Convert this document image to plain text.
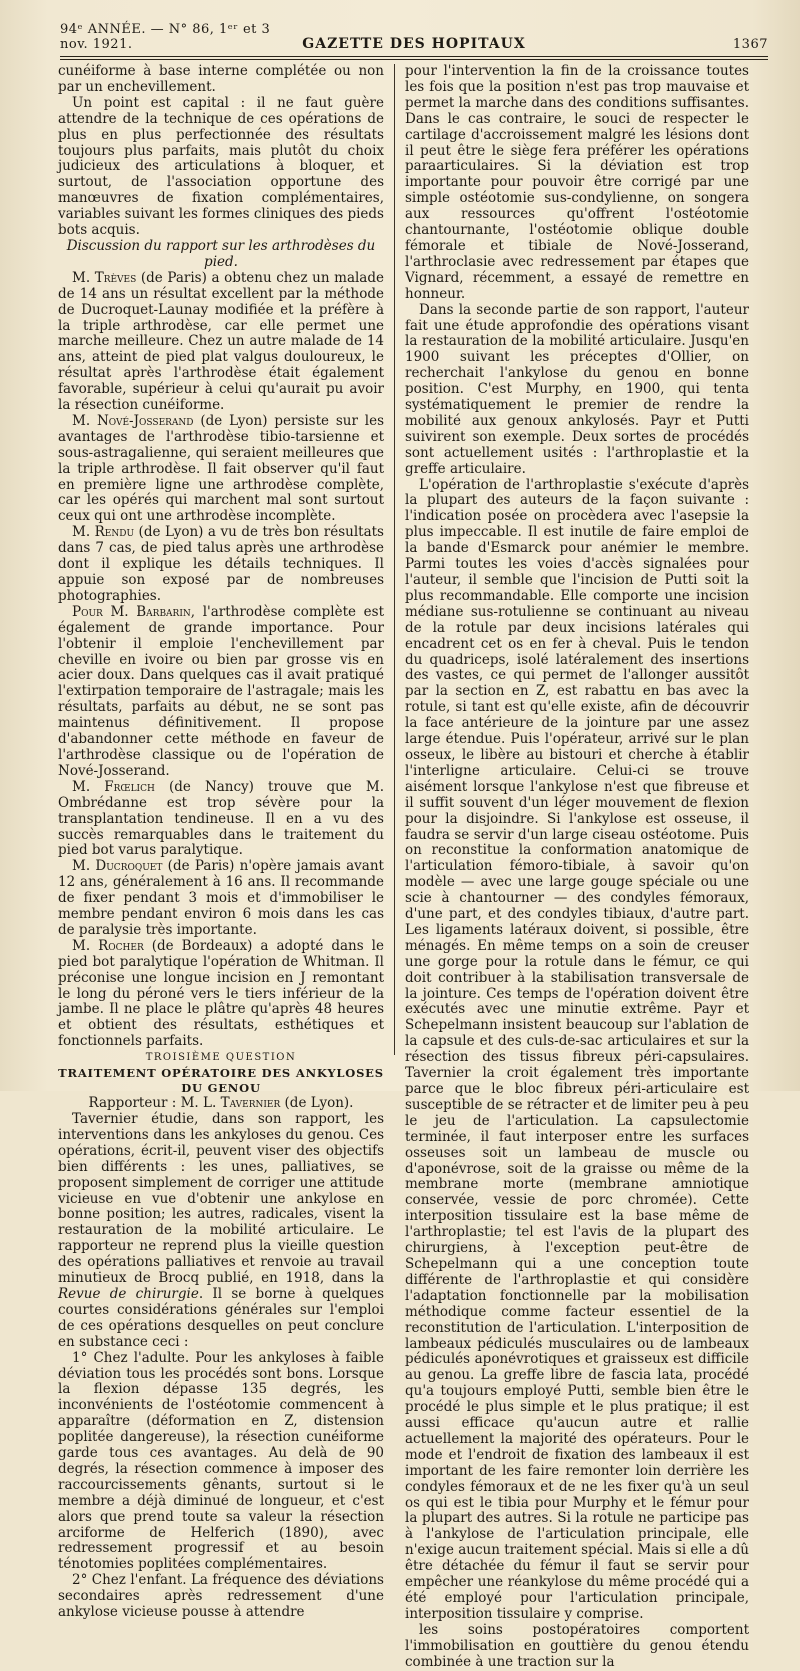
94ᵉ ANNÉE. — N° 86, 1ᵉʳ et 3 nov. 1921.	GAZETTE DES HOPITAUX	1367

cunéiforme à base interne complétée ou non par un enchevillement.

Un point est capital : il ne faut guère attendre de la technique de ces opérations de plus en plus perfectionnée des résultats toujours plus parfaits, mais plutôt du choix judicieux des articulations à bloquer, et surtout, de l'association opportune des manœuvres de fixation complémentaires, variables suivant les formes cliniques des pieds bots acquis.

Discussion du rapport sur les arthrodèses du pied.

M. Trèves (de Paris) a obtenu chez un malade de 14 ans un résultat excellent par la méthode de Ducroquet-Launay modifiée et la préfère à la triple arthrodèse, car elle permet une marche meilleure. Chez un autre malade de 14 ans, atteint de pied plat valgus douloureux, le résultat après l'arthrodèse était également favorable, supérieur à celui qu'aurait pu avoir la résection cunéiforme.

M. Nové-Josserand (de Lyon) persiste sur les avantages de l'arthrodèse tibio-tarsienne et sous-astragalienne, qui seraient meilleures que la triple arthrodèse. Il fait observer qu'il faut en première ligne une arthrodèse complète, car les opérés qui marchent mal sont surtout ceux qui ont une arthrodèse incomplète.

M. Rendu (de Lyon) a vu de très bon résultats dans 7 cas, de pied talus après une arthrodèse dont il explique les détails techniques. Il appuie son exposé par de nombreuses photographies.

Pour M. Barbarin, l'arthrodèse complète est également de grande importance. Pour l'obtenir il emploie l'enchevillement par cheville en ivoire ou bien par grosse vis en acier doux. Dans quelques cas il avait pratiqué l'extirpation temporaire de l'astragale; mais les résultats, parfaits au début, ne se sont pas maintenus définitivement. Il propose d'abandonner cette méthode en faveur de l'arthrodèse classique ou de l'opération de Nové-Josserand.

M. Frœlich (de Nancy) trouve que M. Ombrédanne est trop sévère pour la transplantation tendineuse. Il en a vu des succès remarquables dans le traitement du pied bot varus paralytique.

M. Ducroquet (de Paris) n'opère jamais avant 12 ans, généralement à 16 ans. Il recommande de fixer pendant 3 mois et d'immobiliser le membre pendant environ 6 mois dans les cas de paralysie très importante.

M. Rocher (de Bordeaux) a adopté dans le pied bot paralytique l'opération de Whitman. Il préconise une longue incision en J remontant le long du péroné vers le tiers inférieur de la jambe. Il ne place le plâtre qu'après 48 heures et obtient des résultats, esthétiques et fonctionnels parfaits.

TROISIÈME QUESTION

TRAITEMENT OPÉRATOIRE DES ANKYLOSES DU GENOU

Rapporteur : M. L. Tavernier (de Lyon).

Tavernier étudie, dans son rapport, les interventions dans les ankyloses du genou. Ces opérations, écrit-il, peuvent viser des objectifs bien différents : les unes, palliatives, se proposent simplement de corriger une attitude vicieuse en vue d'obtenir une ankylose en bonne position; les autres, radicales, visent la restauration de la mobilité articulaire. Le rapporteur ne reprend plus la vieille question des opérations palliatives et renvoie au travail minutieux de Brocq publié, en 1918, dans la Revue de chirurgie. Il se borne à quelques courtes considérations générales sur l'emploi de ces opérations desquelles on peut conclure en substance ceci :

1° Chez l'adulte. Pour les ankyloses à faible déviation tous les procédés sont bons. Lorsque la flexion dépasse 135 degrés, les inconvénients de l'ostéotomie commencent à apparaître (déformation en Z, distension poplitée dangereuse), la résection cunéiforme garde tous ces avantages. Au delà de 90 degrés, la résection commence à imposer des raccourcissements gênants, surtout si le membre a déjà diminué de longueur, et c'est alors que prend toute sa valeur la résection arciforme de Helferich (1890), avec redressement progressif et au besoin ténotomies poplitées complémentaires.

2° Chez l'enfant. La fréquence des déviations secondaires après redressement d'une ankylose vicieuse pousse à attendre

pour l'intervention la fin de la croissance toutes les fois que la position n'est pas trop mauvaise et permet la marche dans des conditions suffisantes. Dans le cas contraire, le souci de respecter le cartilage d'accroissement malgré les lésions dont il peut être le siège fera préférer les opérations paraarticulaires. Si la déviation est trop importante pour pouvoir être corrigé par une simple ostéotomie sus-condylienne, on songera aux ressources qu'offrent l'ostéotomie chantournante, l'ostéotomie oblique double fémorale et tibiale de Nové-Josserand, l'arthroclasie avec redressement par étapes que Vignard, récemment, a essayé de remettre en honneur.

Dans la seconde partie de son rapport, l'auteur fait une étude approfondie des opérations visant la restauration de la mobilité articulaire. Jusqu'en 1900 suivant les préceptes d'Ollier, on recherchait l'ankylose du genou en bonne position. C'est Murphy, en 1900, qui tenta systématiquement le premier de rendre la mobilité aux genoux ankylosés. Payr et Putti suivirent son exemple. Deux sortes de procédés sont actuellement usités : l'arthroplastie et la greffe articulaire.

L'opération de l'arthroplastie s'exécute d'après la plupart des auteurs de la façon suivante : l'indication posée on procèdera avec l'asepsie la plus impeccable. Il est inutile de faire emploi de la bande d'Esmarck pour anémier le membre. Parmi toutes les voies d'accès signalées pour l'auteur, il semble que l'incision de Putti soit la plus recommandable. Elle comporte une incision médiane sus-rotulienne se continuant au niveau de la rotule par deux incisions latérales qui encadrent cet os en fer à cheval. Puis le tendon du quadriceps, isolé latéralement des insertions des vastes, ce qui permet de l'allonger aussitôt par la section en Z, est rabattu en bas avec la rotule, si tant est qu'elle existe, afin de découvrir la face antérieure de la jointure par une assez large étendue. Puis l'opérateur, arrivé sur le plan osseux, le libère au bistouri et cherche à établir l'interligne articulaire. Celui-ci se trouve aisément lorsque l'ankylose n'est que fibreuse et il suffit souvent d'un léger mouvement de flexion pour la disjoindre. Si l'ankylose est osseuse, il faudra se servir d'un large ciseau ostéotome. Puis on reconstitue la conformation anatomique de l'articulation fémoro-tibiale, à savoir qu'on modèle — avec une large gouge spéciale ou une scie à chantourner — des condyles fémoraux, d'une part, et des condyles tibiaux, d'autre part. Les ligaments latéraux doivent, si possible, être ménagés. En même temps on a soin de creuser une gorge pour la rotule dans le fémur, ce qui doit contribuer à la stabilisation transversale de la jointure. Ces temps de l'opération doivent être exécutés avec une minutie extrême. Payr et Schepelmann insistent beaucoup sur l'ablation de la capsule et des culs-de-sac articulaires et sur la résection des tissus fibreux péri-capsulaires. Tavernier la croit également très importante parce que le bloc fibreux péri-articulaire est susceptible de se rétracter et de limiter peu à peu le jeu de l'articulation. La capsulectomie terminée, il faut interposer entre les surfaces osseuses soit un lambeau de muscle ou d'aponévrose, soit de la graisse ou même de la membrane morte (membrane amniotique conservée, vessie de porc chromée). Cette interposition tissulaire est la base même de l'arthroplastie; tel est l'avis de la plupart des chirurgiens, à l'exception peut-être de Schepelmann qui a une conception toute différente de l'arthroplastie et qui considère l'adaptation fonctionnelle par la mobilisation méthodique comme facteur essentiel de la reconstitution de l'articulation. L'interposition de lambeaux pédiculés musculaires ou de lambeaux pédiculés aponévrotiques et graisseux est difficile au genou. La greffe libre de fascia lata, procédé qu'a toujours employé Putti, semble bien être le procédé le plus simple et le plus pratique; il est aussi efficace qu'aucun autre et rallie actuellement la majorité des opérateurs. Pour le mode et l'endroit de fixation des lambeaux il est important de les faire remonter loin derrière les condyles fémoraux et de ne les fixer qu'à un seul os qui est le tibia pour Murphy et le fémur pour la plupart des autres. Si la rotule ne participe pas à l'ankylose de l'articulation principale, elle n'exige aucun traitement spécial. Mais si elle a dû être détachée du fémur il faut se servir pour empêcher une réankylose du même procédé qui a été employé pour l'articulation principale, interposition tissulaire y comprise.

les soins postopératoires comportent l'immobilisation en gouttière du genou étendu combinée à une traction sur la
